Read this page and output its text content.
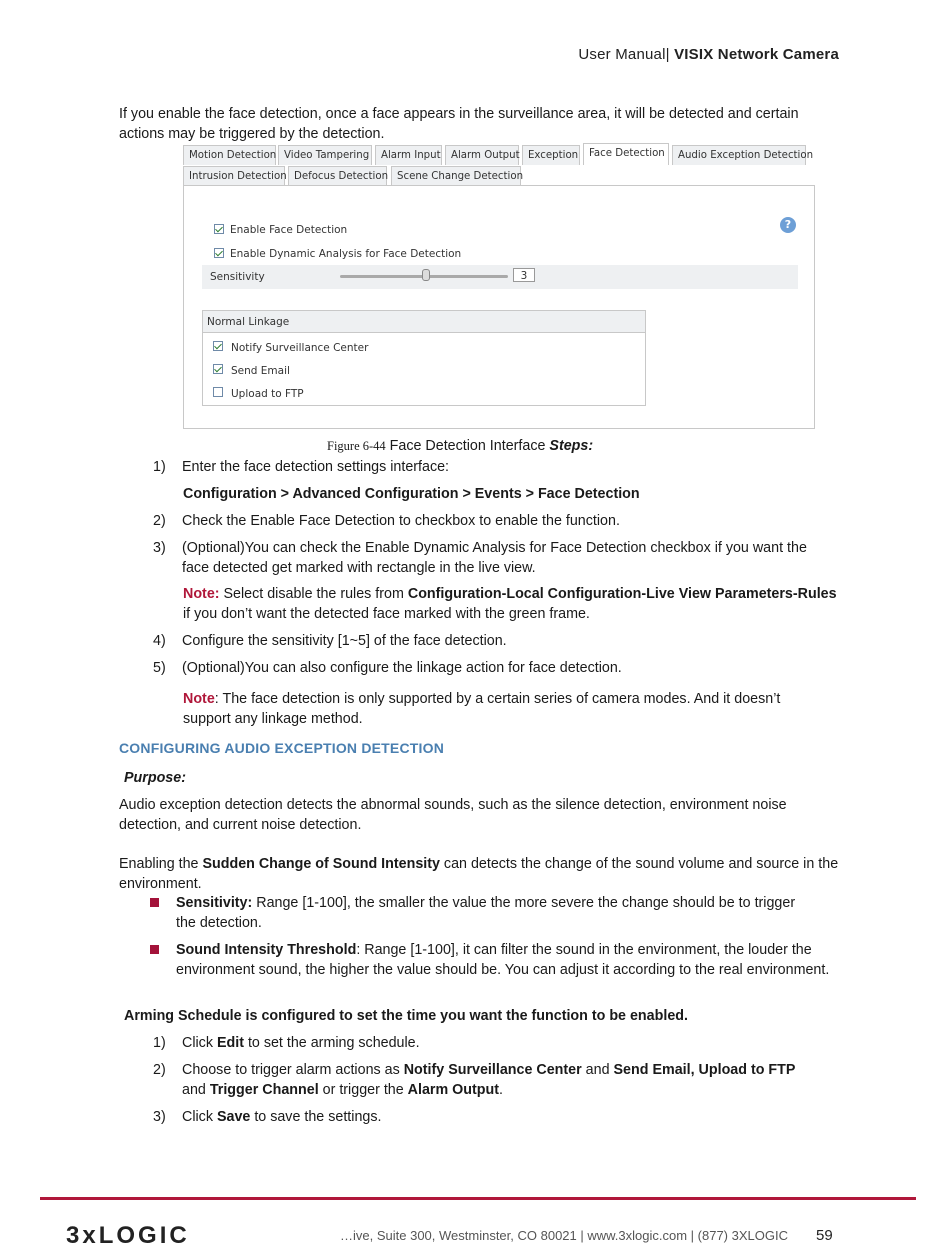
User Manual| VISIX Network Camera
If you enable the face detection, once a face appears in the surveillance area, it will be detected and certain actions may be triggered by the detection.
Motion Detection Video Tampering	Alarm Input	Alarm Output Exception	Face Detection	Audio Exception Detection
Intrusion Detection Defocus Detection Scene Change Detection
?
Enable Face Detection
Enable Dynamic Analysis for Face Detection
Sensitivity	3
Normal Linkage
Notify Surveillance Center
Send Email
Upload to FTP
Figure 6-44 Face Detection Interface Steps:
1) Enter the face detection settings interface:
Configuration > Advanced Configuration > Events > Face Detection
2) Check the Enable Face Detection to checkbox to enable the function.
3) (Optional)You can check the Enable Dynamic Analysis for Face Detection checkbox if you want the face detected get marked with rectangle in the live view.
Note: Select disable the rules from Configuration-Local Configuration-Live View Parameters-Rules if you don’t want the detected face marked with the green frame.
4) Configure the sensitivity [1~5] of the face detection.
5) (Optional)You can also configure the linkage action for face detection.
Note: The face detection is only supported by a certain series of camera modes. And it doesn’t support any linkage method.
CONFIGURING AUDIO EXCEPTION DETECTION
Purpose:
Audio exception detection detects the abnormal sounds, such as the silence detection, environment noise detection, and current noise detection.
Enabling the Sudden Change of Sound Intensity can detects the change of the sound volume and source in the environment.
Sensitivity: Range [1-100], the smaller the value the more severe the change should be to trigger the detection.
Sound Intensity Threshold: Range [1-100], it can filter the sound in the environment, the louder the environment sound, the higher the value should be. You can adjust it according to the real environment.
Arming Schedule is configured to set the time you want the function to be enabled.
1) Click Edit to set the arming schedule.
2) Choose to trigger alarm actions as Notify Surveillance Center and Send Email, Upload to FTP and Trigger Channel or trigger the Alarm Output.
3) Click Save to save the settings.
3xLOGIC	…ive, Suite 300, Westminster, CO 80021 | www.3xlogic.com | (877) 3XLOGIC 59
